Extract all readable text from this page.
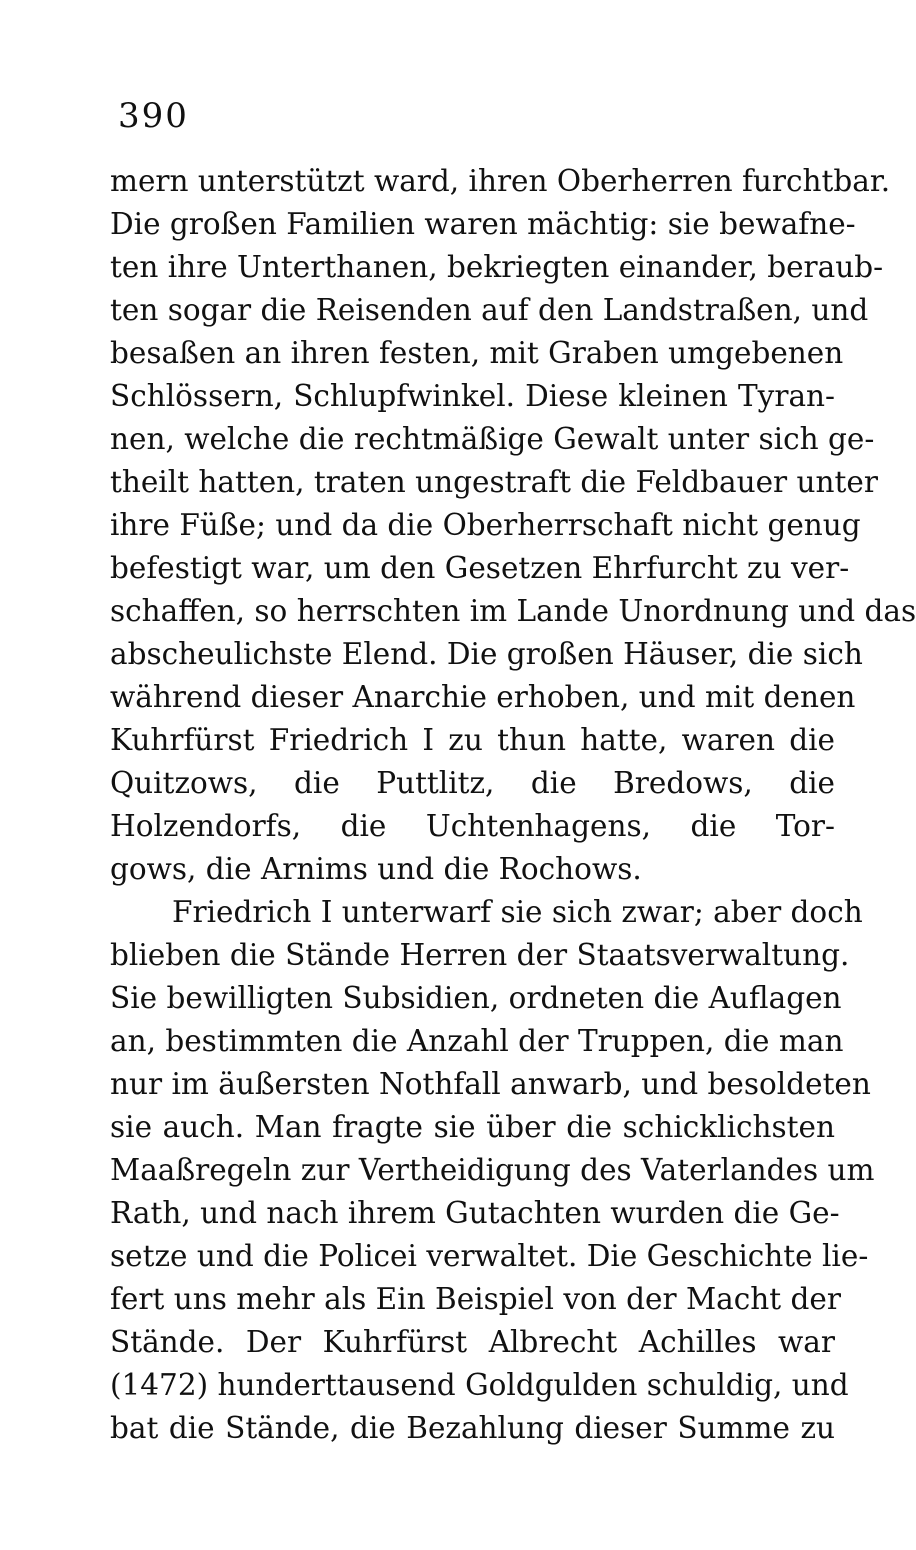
390
mern unterstützt ward, ihren Oberherren furchtbar.
Die großen Familien waren mächtig: sie bewafne-
ten ihre Unterthanen, bekriegten einander, beraub-
ten sogar die Reisenden auf den Landstraßen, und
besaßen an ihren festen, mit Graben umgebenen
Schlössern, Schlupfwinkel. Diese kleinen Tyran-
nen, welche die rechtmäßige Gewalt unter sich ge-
theilt hatten, traten ungestraft die Feldbauer unter
ihre Füße; und da die Oberherrschaft nicht genug
befestigt war, um den Gesetzen Ehrfurcht zu ver-
schaffen, so herrschten im Lande Unordnung und das
abscheulichste Elend. Die großen Häuser, die sich
während dieser Anarchie erhoben, und mit denen
Kuhrfürst Friedrich I zu thun hatte, waren die
Quitzows, die Puttlitz, die Bredows, die
Holzendorfs, die Uchtenhagens, die Tor-
gows, die Arnims und die Rochows.
Friedrich I unterwarf sie sich zwar; aber doch
blieben die Stände Herren der Staatsverwaltung.
Sie bewilligten Subsidien, ordneten die Auflagen
an, bestimmten die Anzahl der Truppen, die man
nur im äußersten Nothfall anwarb, und besoldeten
sie auch. Man fragte sie über die schicklichsten
Maaßregeln zur Vertheidigung des Vaterlandes um
Rath, und nach ihrem Gutachten wurden die Ge-
setze und die Policei verwaltet. Die Geschichte lie-
fert uns mehr als Ein Beispiel von der Macht der
Stände. Der Kuhrfürst Albrecht Achilles war
(1472) hunderttausend Goldgulden schuldig, und
bat die Stände, die Bezahlung dieser Summe zu
